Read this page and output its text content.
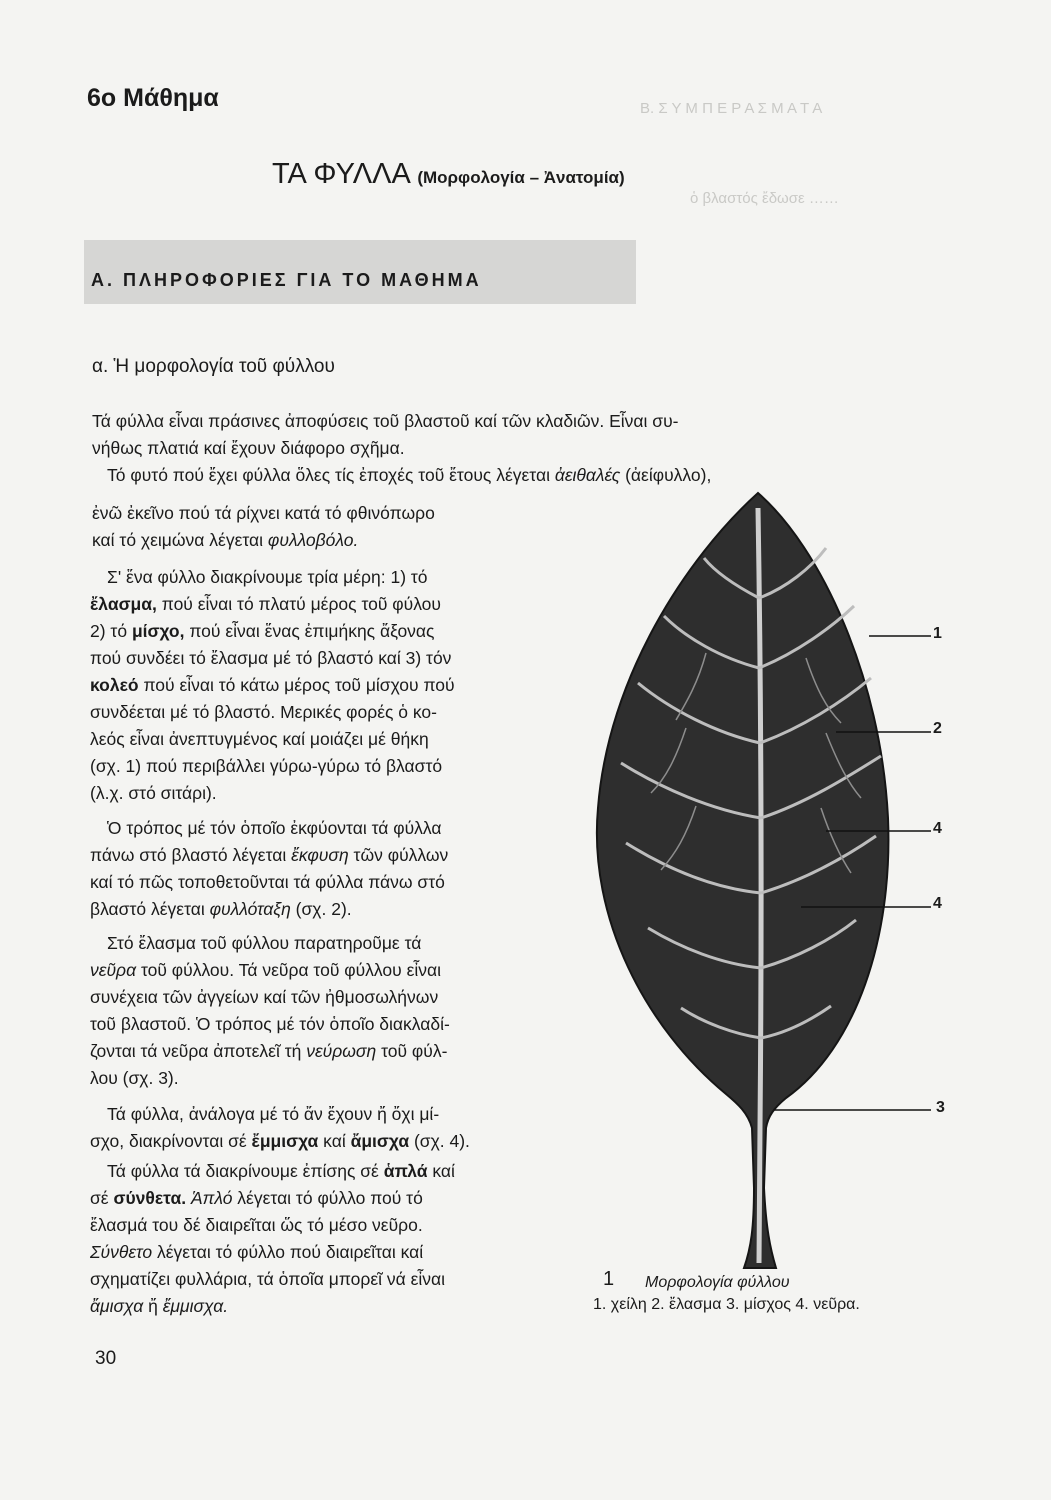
Β. Σ Υ Μ Π Ε Ρ Α Σ Μ Α Τ Α
ὁ βλαστός ἔδωσε ……
6ο Μάθημα
ΤΑ ΦΥΛΛΑ (Μορφολογία – Ἀνατομία)
Α. ΠΛΗΡΟΦΟΡΙΕΣ ΓΙΑ ΤΟ ΜΑΘΗΜΑ
α. Ἡ μορφολογία τοῦ φύλλου
Τά φύλλα εἶναι πράσινες ἀποφύσεις τοῦ βλαστοῦ καί τῶν κλαδιῶν. Εἶναι συ-
νήθως πλατιά καί ἔχουν διάφορο σχῆμα.
Τό φυτό πού ἔχει φύλλα ὅλες τίς ἐποχές τοῦ ἔτους λέγεται ἀειθαλές (ἀείφυλλο),
ἐνῶ ἐκεῖνο πού τά ρίχνει κατά τό φθινόπωρο
καί τό χειμώνα λέγεται φυλλοβόλο.
Σ' ἕνα φύλλο διακρίνουμε τρία μέρη: 1) τό
ἔλασμα, πού εἶναι τό πλατύ μέρος τοῦ φύλου
2) τό μίσχο, πού εἶναι ἕνας ἐπιμήκης ἄξονας
πού συνδέει τό ἔλασμα μέ τό βλαστό καί 3) τόν
κολεό πού εἶναι τό κάτω μέρος τοῦ μίσχου πού
συνδέεται μέ τό βλαστό. Μερικές φορές ὁ κο-
λεός εἶναι ἀνεπτυγμένος καί μοιάζει μέ θήκη
(σχ. 1) πού περιβάλλει γύρω-γύρω τό βλαστό
(λ.χ. στό σιτάρι).
Ὁ τρόπος μέ τόν ὁποῖο ἐκφύονται τά φύλλα
πάνω στό βλαστό λέγεται ἔκφυση τῶν φύλλων
καί τό πῶς τοποθετοῦνται τά φύλλα πάνω στό
βλαστό λέγεται φυλλόταξη (σχ. 2).
Στό ἔλασμα τοῦ φύλλου παρατηροῦμε τά
νεῦρα τοῦ φύλλου. Τά νεῦρα τοῦ φύλλου εἶναι
συνέχεια τῶν ἀγγείων καί τῶν ἠθμοσωλήνων
τοῦ βλαστοῦ. Ὁ τρόπος μέ τόν ὁποῖο διακλαδί-
ζονται τά νεῦρα ἀποτελεῖ τή νεύρωση τοῦ φύλ-
λου (σχ. 3).
Τά φύλλα, ἀνάλογα μέ τό ἄν ἔχουν ἤ ὄχι μί-
σχο, διακρίνονται σέ ἔμμισχα καί ἄμισχα (σχ. 4).
Τά φύλλα τά διακρίνουμε ἐπίσης σέ ἁπλά καί
σέ σύνθετα. Ἁπλό λέγεται τό φύλλο πού τό
ἔλασμά του δέ διαιρεῖται ὥς τό μέσο νεῦρο.
Σύνθετο λέγεται τό φύλλο πού διαιρεῖται καί
σχηματίζει φυλλάρια, τά ὁποῖα μπορεῖ νά εἶναι
ἄμισχα ἤ ἔμμισχα.
1
2
4
4
3
1 Μορφολογία φύλλου
1. χείλη 2. ἔλασμα 3. μίσχος 4. νεῦρα.
30
